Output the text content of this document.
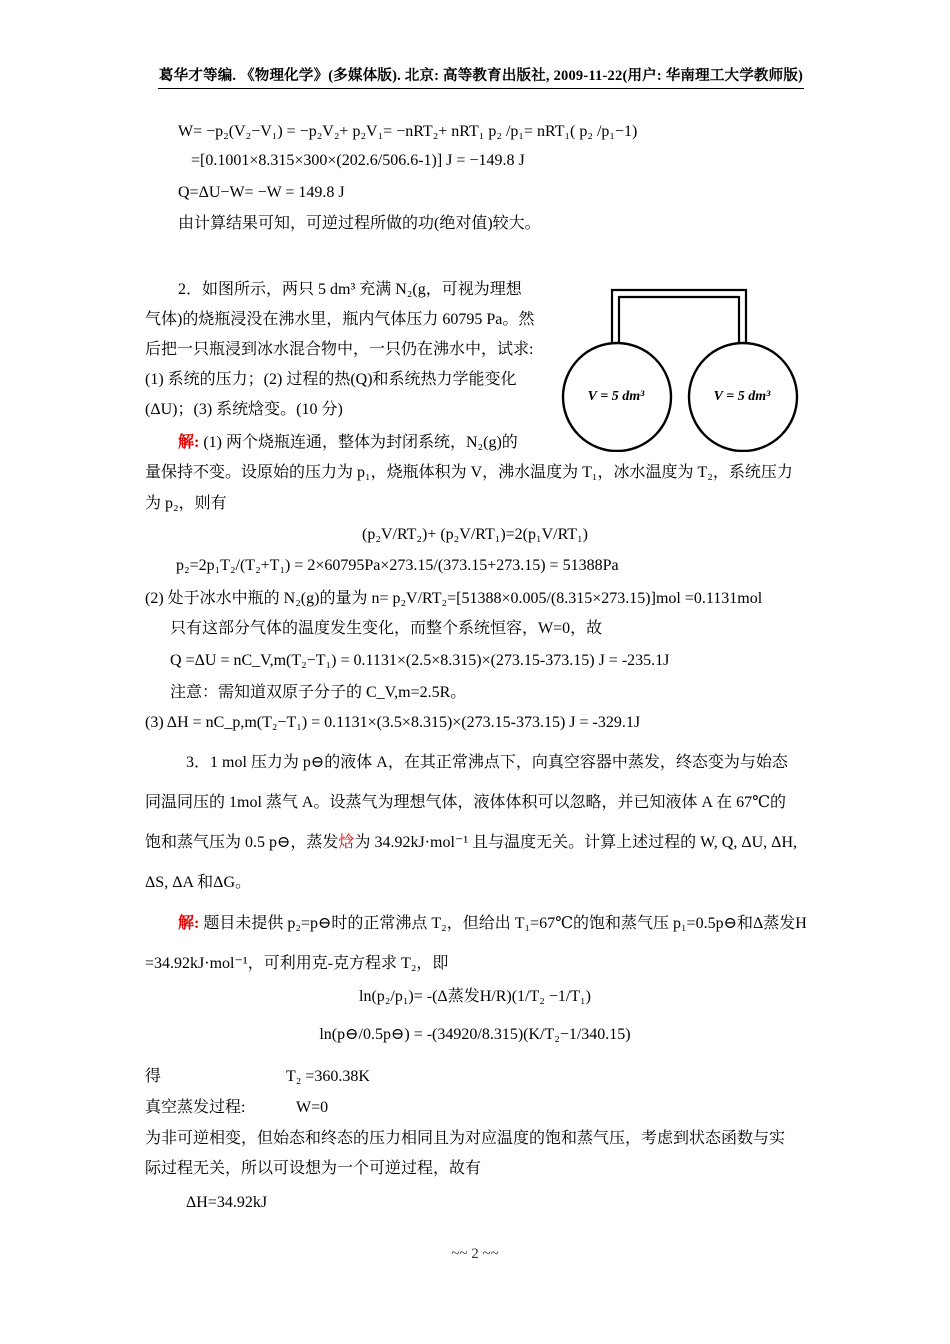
葛华才等编. 《物理化学》(多媒体版). 北京: 高等教育出版社, 2009-11-22(用户: 华南理工大学教师版)
W= −p₂(V₂−V₁) = −p₂V₂+ p₂V₁= −nRT₂+ nRT₁ p₂ /p₁= nRT₁( p₂ /p₁−1)
=[0.1001×8.315×300×(202.6/506.6-1)] J = −149.8 J
Q=ΔU−W= −W = 149.8 J
由计算结果可知，可逆过程所做的功(绝对值)较大。
2．如图所示，两只 5 dm³ 充满 N₂(g，可视为理想
气体)的烧瓶浸没在沸水里，瓶内气体压力 60795 Pa。然
后把一只瓶浸到冰水混合物中，一只仍在沸水中，试求:
(1) 系统的压力；(2) 过程的热(Q)和系统热力学能变化
(ΔU)；(3) 系统焓变。(10 分)
解: (1) 两个烧瓶连通，整体为封闭系统，N₂(g)的
量保持不变。设原始的压力为 p₁，烧瓶体积为 V，沸水温度为 T₁，冰水温度为 T₂，系统压力
为 p₂，则有
(p₂V/RT₂)+ (p₂V/RT₁)=2(p₁V/RT₁)
p₂=2p₁T₂/(T₂+T₁) = 2×60795Pa×273.15/(373.15+273.15) = 51388Pa
(2) 处于冰水中瓶的 N₂(g)的量为 n= p₂V/RT₂=[51388×0.005/(8.315×273.15)]mol =0.1131mol
只有这部分气体的温度发生变化，而整个系统恒容，W=0，故
Q =ΔU = nC_V,m(T₂−T₁) = 0.1131×(2.5×8.315)×(273.15-373.15) J = -235.1J
注意：需知道双原子分子的 C_V,m=2.5R。
(3) ΔH = nC_p,m(T₂−T₁) = 0.1131×(3.5×8.315)×(273.15-373.15) J = -329.1J
V = 5 dm³	V = 5 dm³
3．1 mol 压力为 p⊖的液体 A，在其正常沸点下，向真空容器中蒸发，终态变为与始态
同温同压的 1mol 蒸气 A。设蒸气为理想气体，液体体积可以忽略，并已知液体 A 在 67℃的
饱和蒸气压为 0.5 p⊖，蒸发焓为 34.92kJ·mol⁻¹ 且与温度无关。计算上述过程的 W, Q, ΔU, ΔH,
ΔS, ΔA 和ΔG。
解: 题目未提供 p₂=p⊖时的正常沸点 T₂，但给出 T₁=67℃的饱和蒸气压 p₁=0.5p⊖和Δ蒸发H
=34.92kJ·mol⁻¹，可利用克-克方程求 T₂，即
ln(p₂/p₁)= -(Δ蒸发H/R)(1/T₂ −1/T₁)
ln(p⊖/0.5p⊖) = -(34920/8.315)(K/T₂−1/340.15)
得	T₂ =360.38K
真空蒸发过程:	W=0
为非可逆相变，但始态和终态的压力相同且为对应温度的饱和蒸气压，考虑到状态函数与实
际过程无关，所以可设想为一个可逆过程，故有
ΔH=34.92kJ
~~ 2 ~~
